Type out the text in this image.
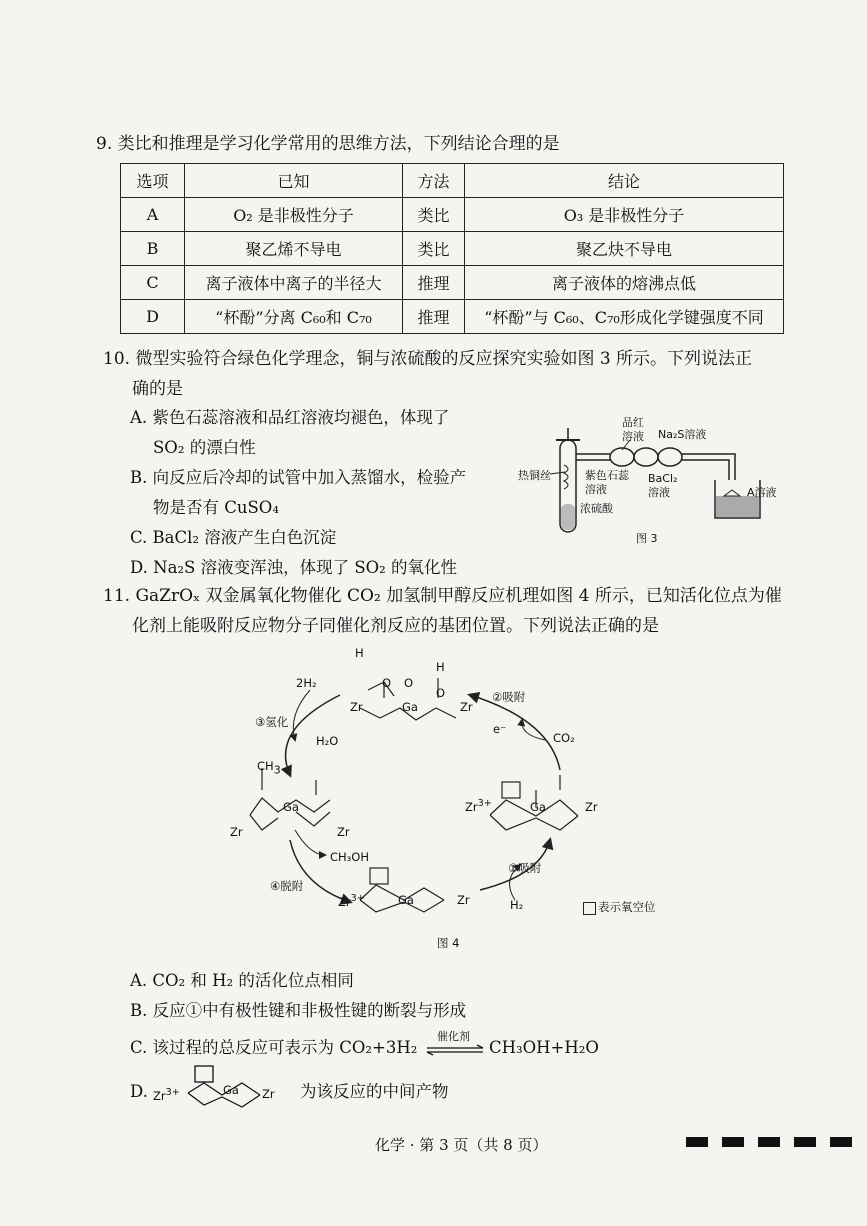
9. 类比和推理是学习化学常用的思维方法，下列结论合理的是
选项	已知	方法	结论
A	O₂ 是非极性分子	类比	O₃ 是非极性分子
B	聚乙烯不导电	类比	聚乙炔不导电
C	离子液体中离子的半径大	推理	离子液体的熔沸点低
D	“杯酚”分离 C₆₀和 C₇₀	推理	“杯酚”与 C₆₀、C₇₀形成化学键强度不同
10. 微型实验符合绿色化学理念，铜与浓硫酸的反应探究实验如图 3 所示。下列说法正
确的是
A. 紫色石蕊溶液和品红溶液均褪色，体现了
SO₂ 的漂白性
B. 向反应后冷却的试管中加入蒸馏水，检验产
物是否有 CuSO₄
C. BaCl₂ 溶液产生白色沉淀
D. Na₂S 溶液变浑浊，体现了 SO₂ 的氧化性
品红溶液	Na₂S溶液
紫色石蕊溶液
BaCl₂溶液
热铜丝
浓硫酸
A溶液
图 3
11. GaZrOₓ 双金属氧化物催化 CO₂ 加氢制甲醇反应机理如图 4 所示，已知活化位点为催
化剂上能吸附反应物分子同催化剂反应的基团位置。下列说法正确的是
H
O O
H
O
Zr	Ga	Zr
$CH_3$
Zr
Ga
Zr
$Zr^{3+}$	Ga	Zr
$Zr^{3+}$	Ga	Zr
①吸附
②吸附
③氢化
④脱附
H₂
CO₂
2H₂
H₂O
CH₃OH
e⁻
表示氧空位
图 4
A. CO₂ 和 H₂ 的活化位点相同
B. 反应①中有极性键和非极性键的断裂与形成
C. 该过程的总反应可表示为 CO₂+3H₂
催化剂
⇌ CH₃OH+H₂O
D. $Zr^{3+}$	Ga Zr 为该反应的中间产物
化学 · 第 3 页（共 8 页）
